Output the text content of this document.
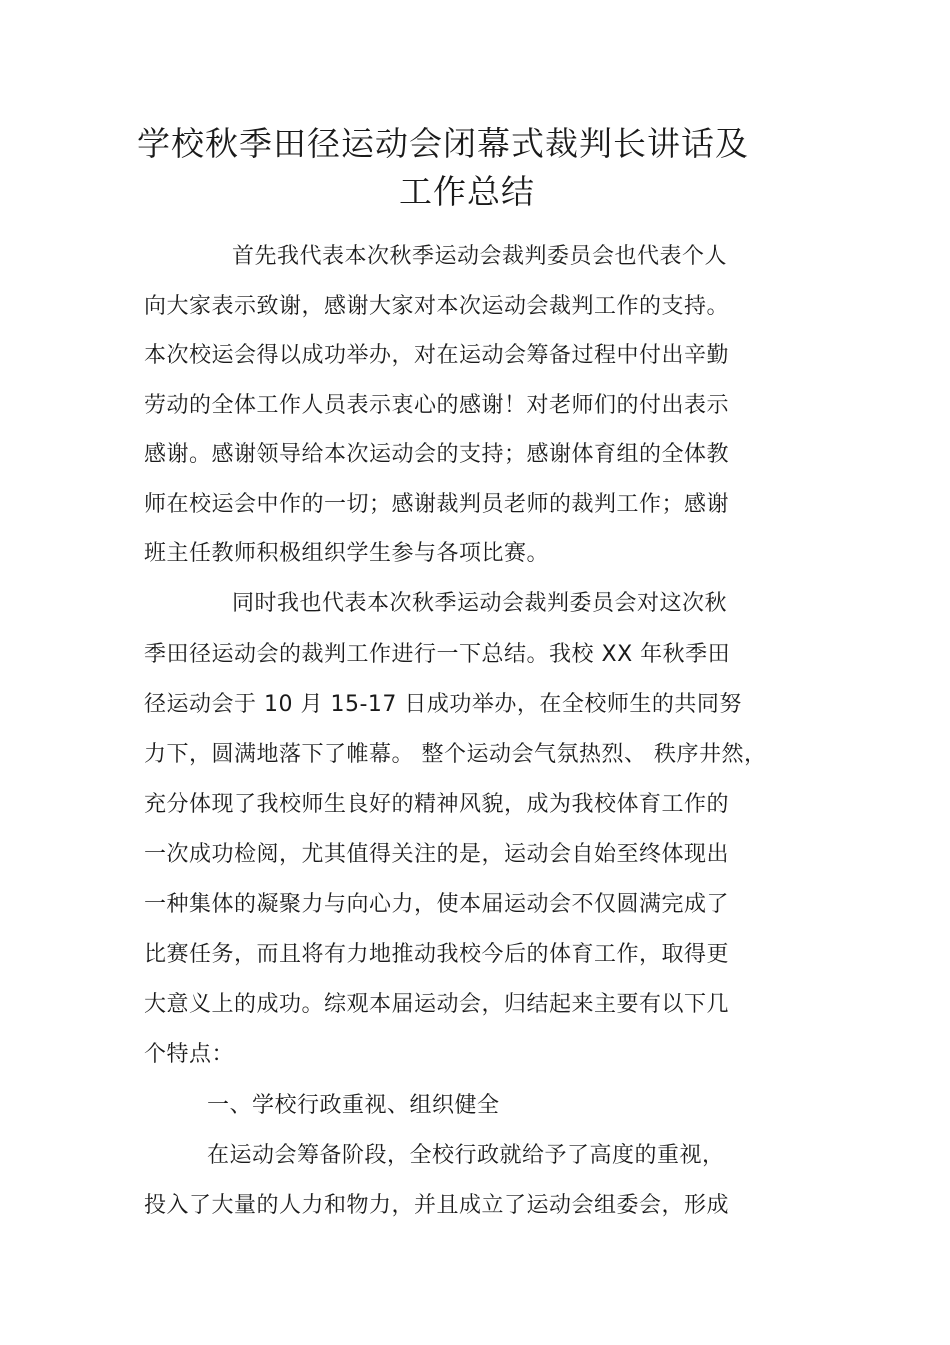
学校秋季田径运动会闭幕式裁判长讲话及
工作总结
首先我代表本次秋季运动会裁判委员会也代表个人
向大家表示致谢，感谢大家对本次运动会裁判工作的支持。
本次校运会得以成功举办，对在运动会筹备过程中付出辛勤
劳动的全体工作人员表示衷心的感谢！对老师们的付出表示
感谢。感谢领导给本次运动会的支持；感谢体育组的全体教
师在校运会中作的一切；感谢裁判员老师的裁判工作；感谢
班主任教师积极组织学生参与各项比赛。
同时我也代表本次秋季运动会裁判委员会对这次秋
季田径运动会的裁判工作进行一下总结。我校 XX 年秋季田
径运动会于 10 月 15-17 日成功举办，在全校师生的共同努
力下，圆满地落下了帷幕。 整个运动会气氛热烈、 秩序井然，
充分体现了我校师生良好的精神风貌，成为我校体育工作的
一次成功检阅，尤其值得关注的是，运动会自始至终体现出
一种集体的凝聚力与向心力，使本届运动会不仅圆满完成了
比赛任务，而且将有力地推动我校今后的体育工作，取得更
大意义上的成功。综观本届运动会，归结起来主要有以下几
个特点：
一、学校行政重视、组织健全
在运动会筹备阶段，全校行政就给予了高度的重视，
投入了大量的人力和物力，并且成立了运动会组委会，形成
